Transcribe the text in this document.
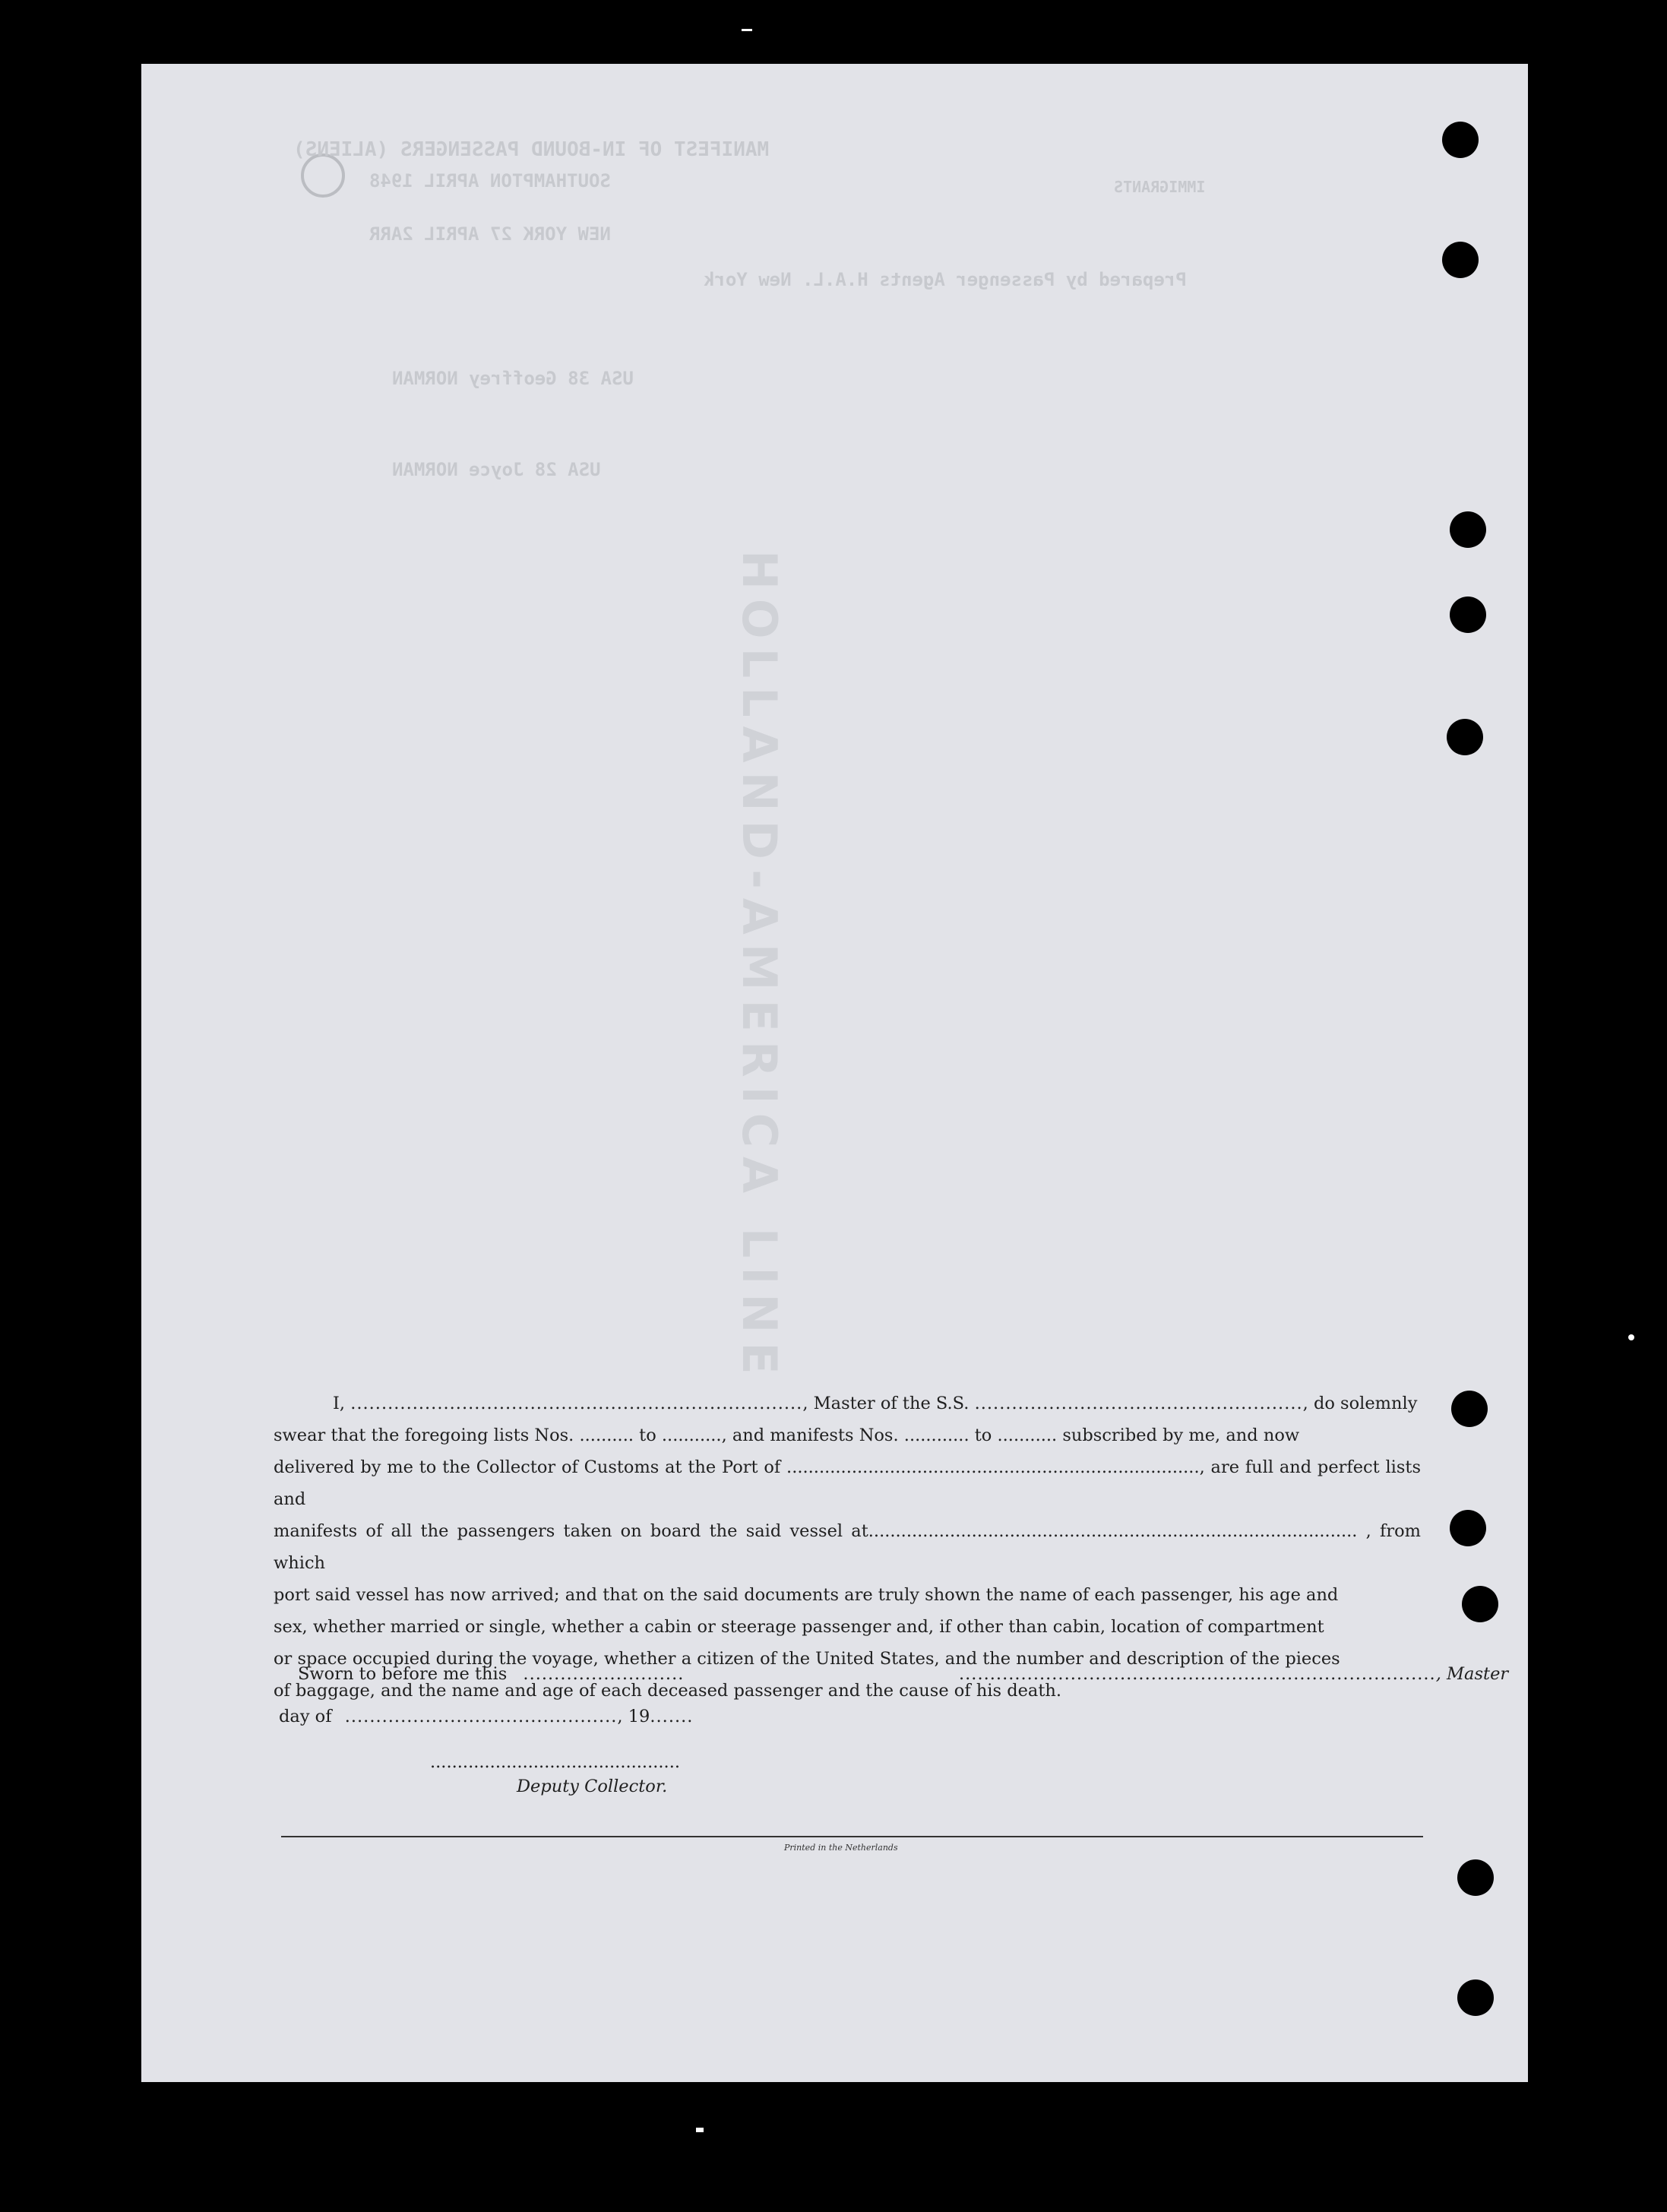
MANIFEST OF IN-BOUND PASSENGERS (ALIENS)
SOUTHAMPTON APRIL 1948
NEW YORK 27 APRIL 2ARR
Prepared by Passenger Agents H.A.L. New York
IMMIGRANTS
USA 38 Geoffrey NORMAN
USA 28 Joyce NORMAN
HOLLAND-AMERICA LINE

I, ........................................................................., Master of the S.S. ....................................................., do solemnly

swear that the foregoing lists Nos. .......... to ..........., and manifests Nos. ............ to ........... subscribed by me, and now
delivered by me to the Collector of Customs at the Port of ............................................................................, are full and perfect lists and
manifests of all the passengers taken on board the said vessel at.......................................................................................... , from which
port said vessel has now arrived; and that on the said documents are truly shown the name of each passenger, his age and
sex, whether married or single, whether a cabin or steerage passenger and, if other than cabin, location of compartment
or space occupied during the voyage, whether a citizen of the United States, and the number and description of the pieces
of baggage, and the name and age of each deceased passenger and the cause of his death.
Sworn to before me this ..........................	............................................................................., Master
day of ............................................, 19.......
..............................................
Deputy Collector.
Printed in the Netherlands
